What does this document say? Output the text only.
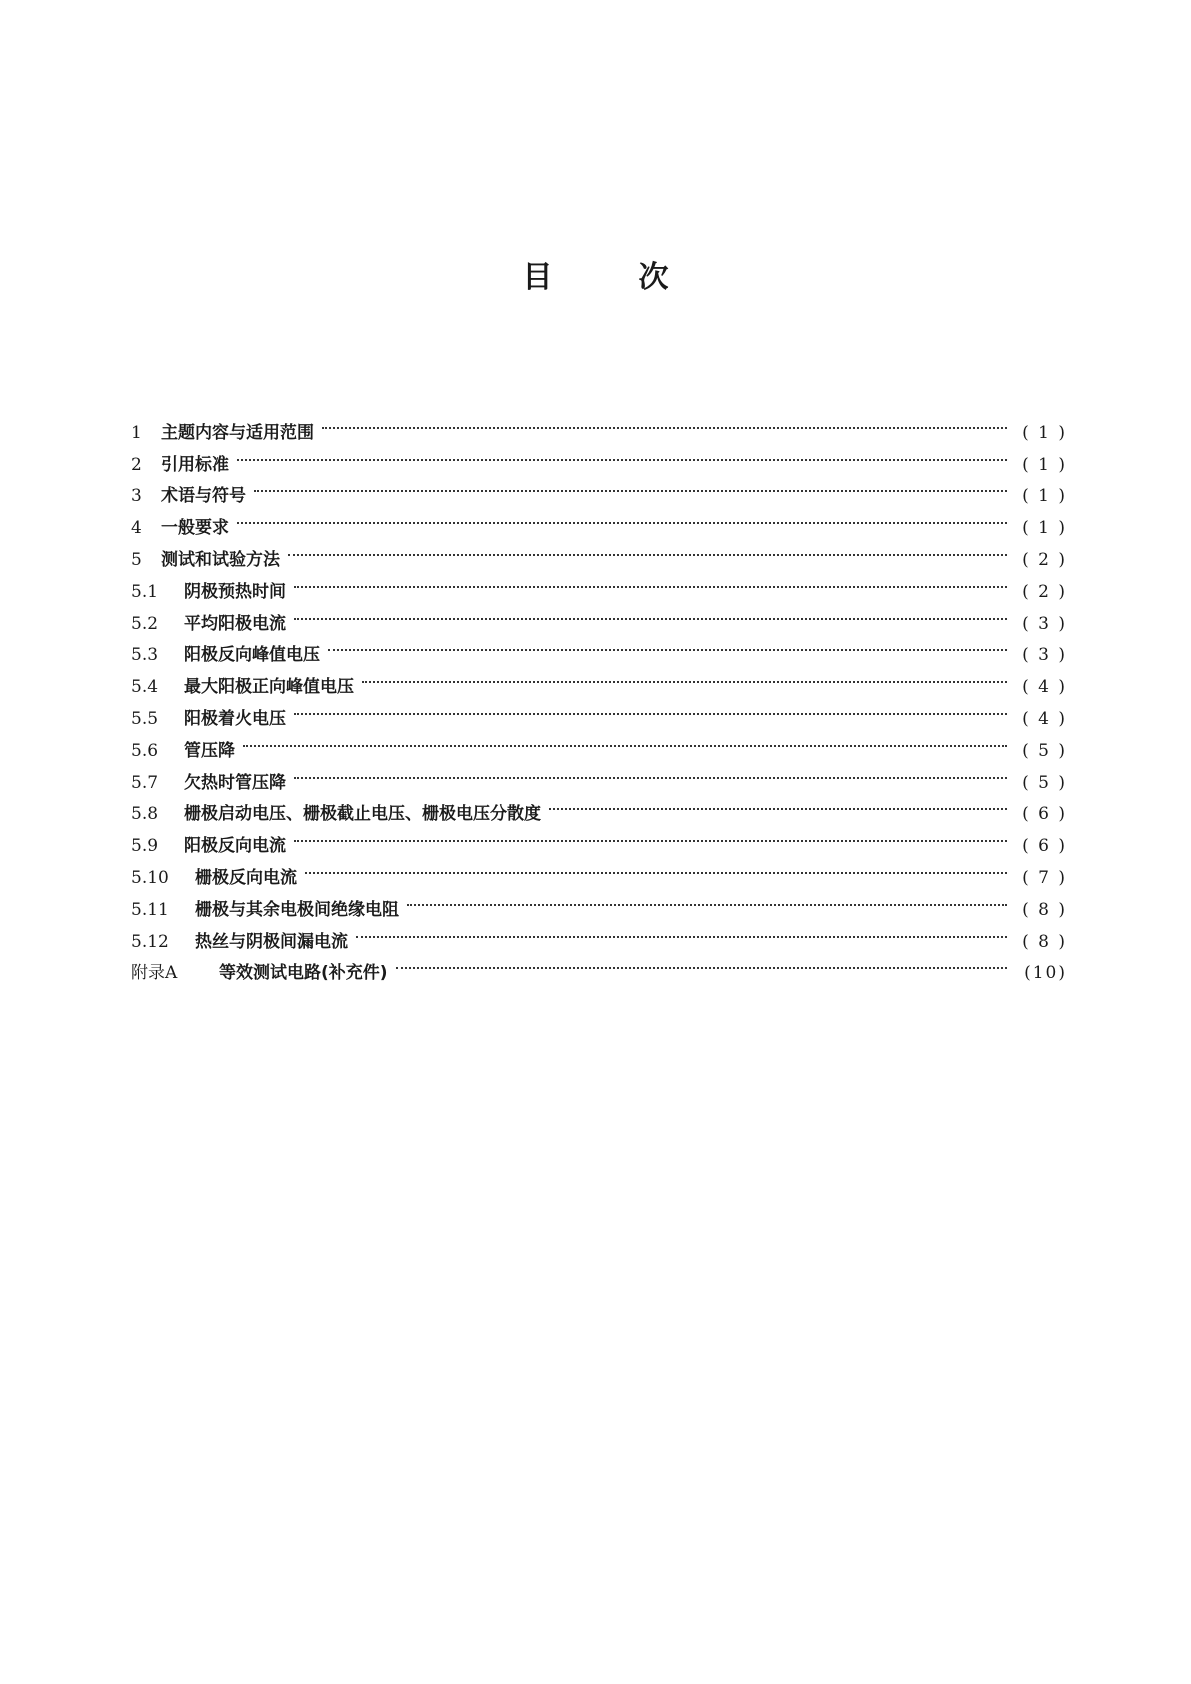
目	次
1	主题内容与适用范围	( 1 )
2	引用标准	( 1 )
3	术语与符号	( 1 )
4	一般要求	( 1 )
5	测试和试验方法	( 2 )
5.1	阴极预热时间	( 2 )
5.2	平均阳极电流	( 3 )
5.3	阳极反向峰值电压	( 3 )
5.4	最大阳极正向峰值电压	( 4 )
5.5	阳极着火电压	( 4 )
5.6	管压降	( 5 )
5.7	欠热时管压降	( 5 )
5.8	栅极启动电压、栅极截止电压、栅极电压分散度	( 6 )
5.9	阳极反向电流	( 6 )
5.10	栅极反向电流	( 7 )
5.11	栅极与其余电极间绝缘电阻	( 8 )
5.12	热丝与阴极间漏电流	( 8 )
附录A	等效测试电路(补充件)	(10)
